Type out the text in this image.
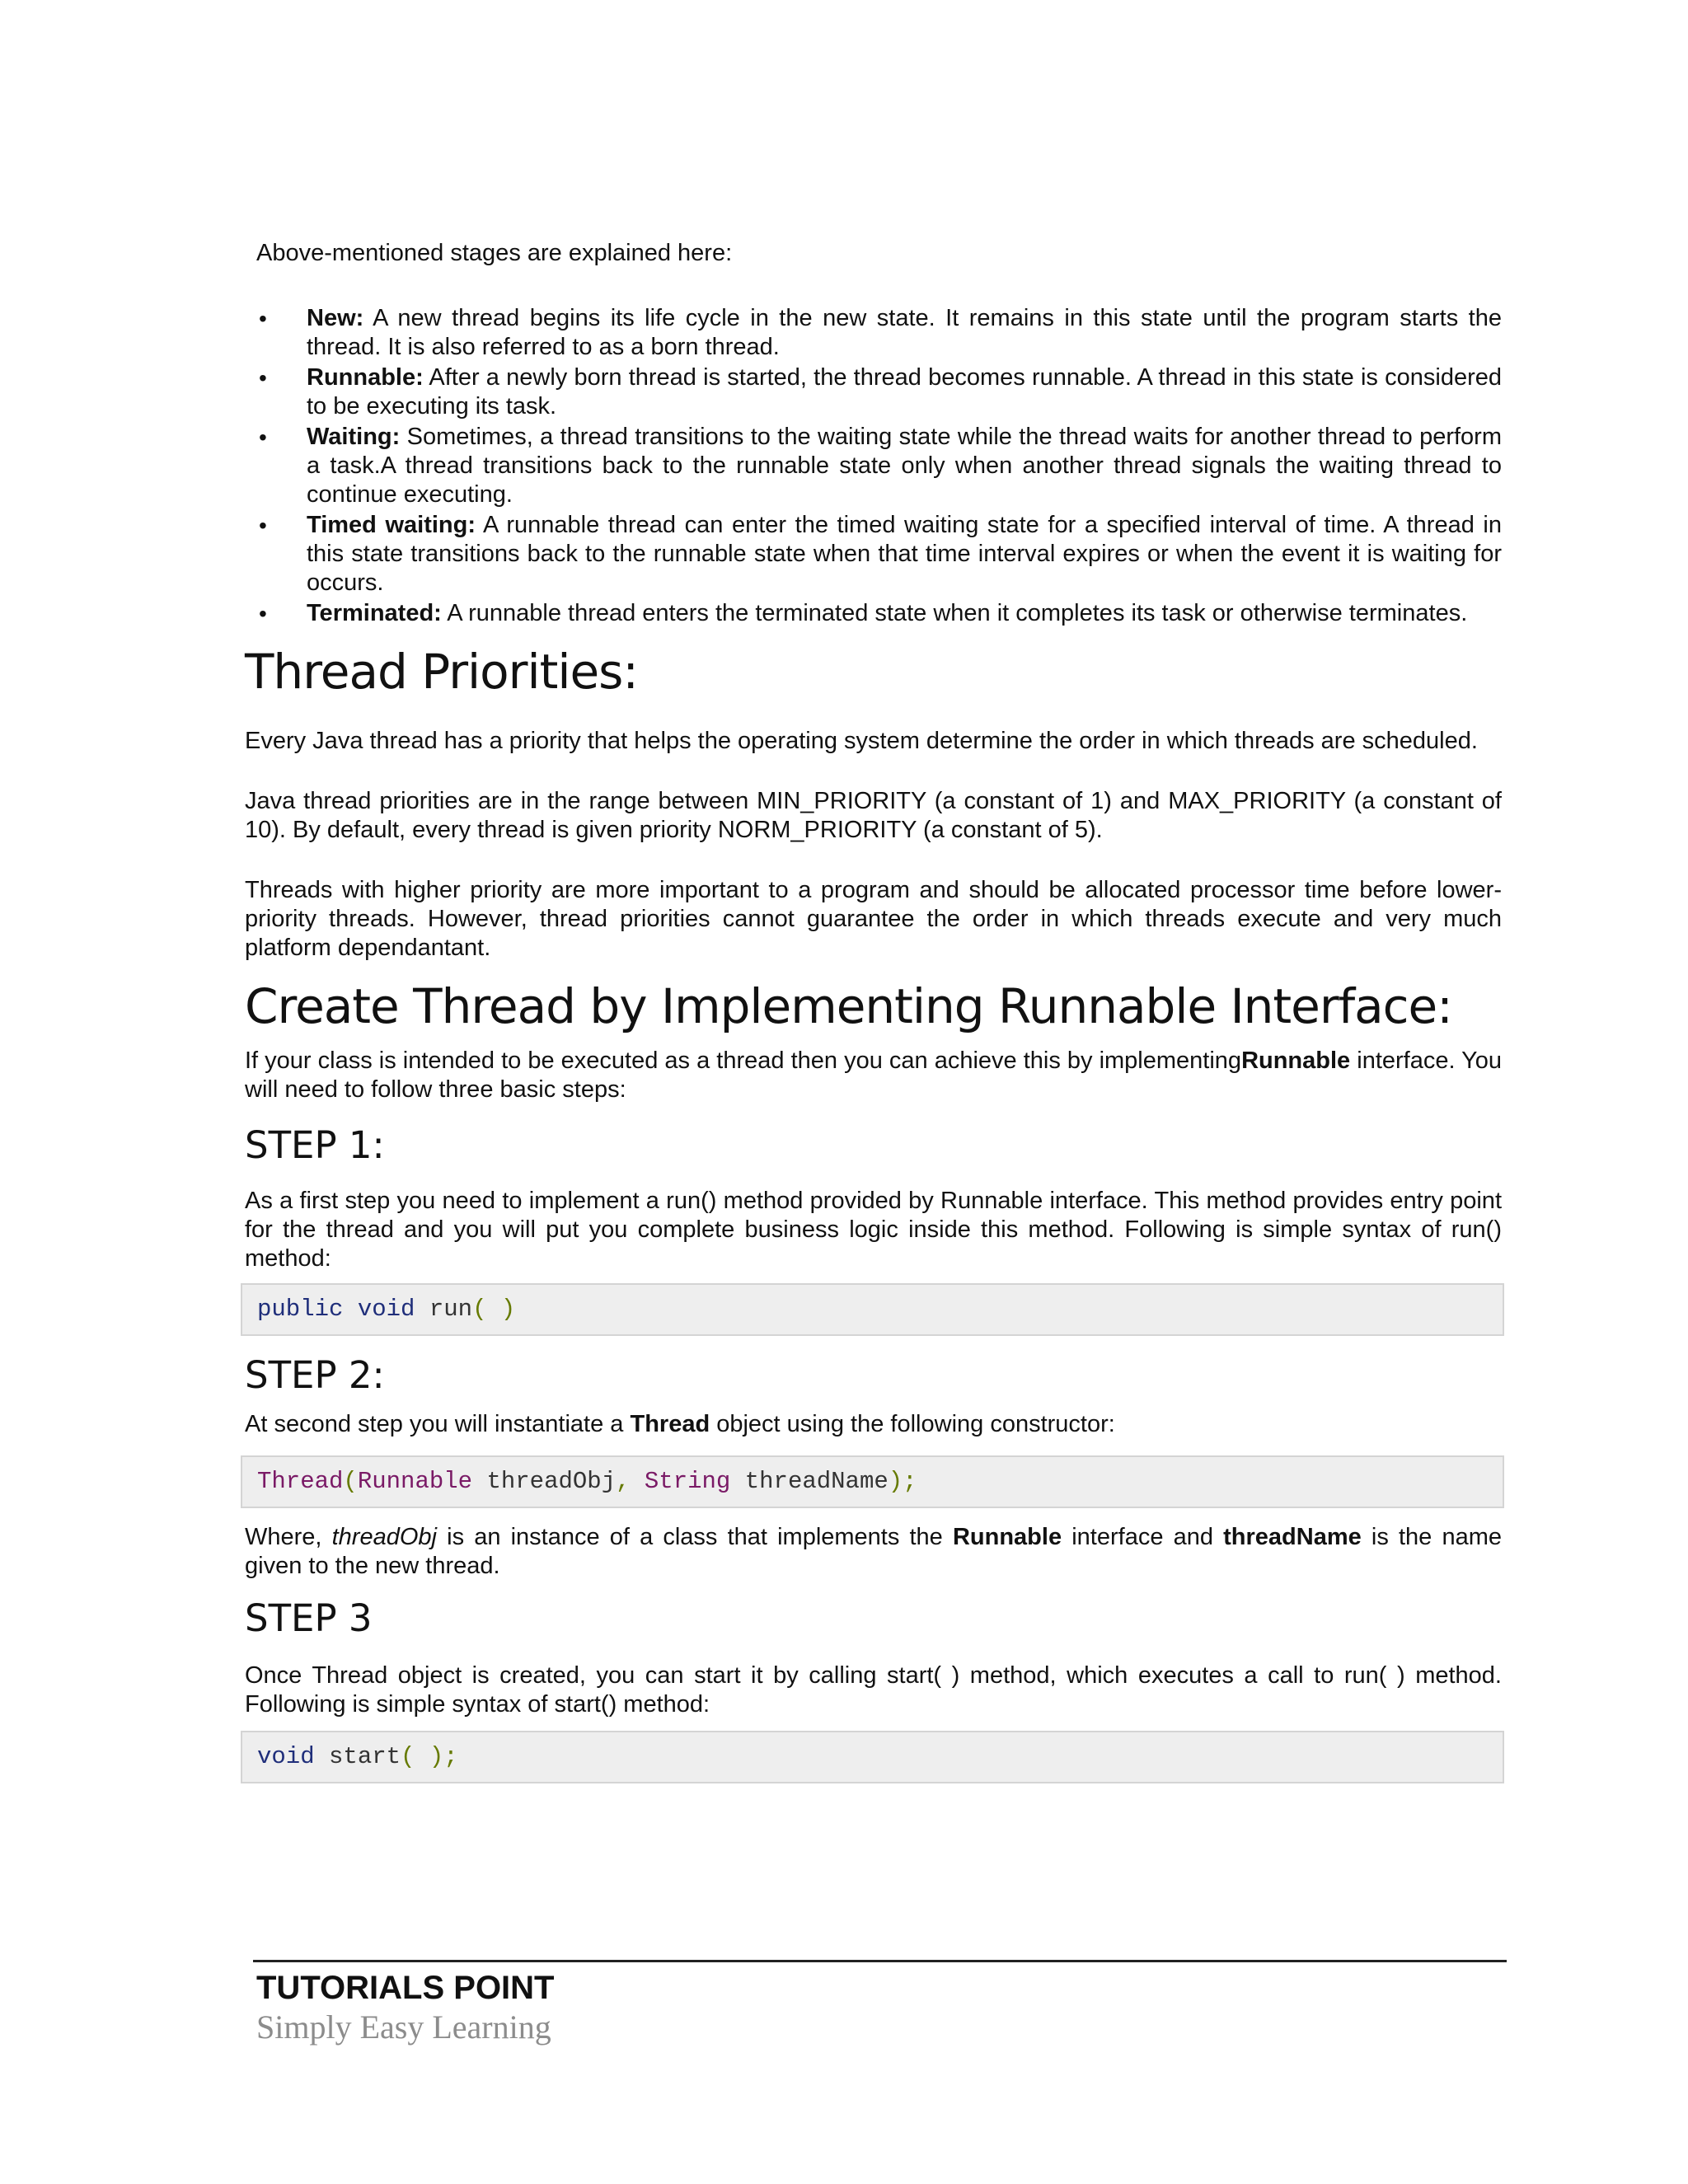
Above-mentioned stages are explained here:

• New: A new thread begins its life cycle in the new state. It remains in this state until the program starts the thread. It is also referred to as a born thread.
• Runnable: After a newly born thread is started, the thread becomes runnable. A thread in this state is considered to be executing its task.
• Waiting: Sometimes, a thread transitions to the waiting state while the thread waits for another thread to perform a task.A thread transitions back to the runnable state only when another thread signals the waiting thread to continue executing.
• Timed waiting: A runnable thread can enter the timed waiting state for a specified interval of time. A thread in this state transitions back to the runnable state when that time interval expires or when the event it is waiting for occurs.
• Terminated: A runnable thread enters the terminated state when it completes its task or otherwise terminates.
Thread Priorities:

Every Java thread has a priority that helps the operating system determine the order in which threads are scheduled.

Java thread priorities are in the range between MIN_PRIORITY (a constant of 1) and MAX_PRIORITY (a constant of 10). By default, every thread is given priority NORM_PRIORITY (a constant of 5).

Threads with higher priority are more important to a program and should be allocated processor time before lower-priority threads. However, thread priorities cannot guarantee the order in which threads execute and very much platform dependantant.

Create Thread by Implementing Runnable Interface:

If your class is intended to be executed as a thread then you can achieve this by implementingRunnable interface. You will need to follow three basic steps:

STEP 1:

As a first step you need to implement a run() method provided by Runnable interface. This method provides entry point for the thread and you will put you complete business logic inside this method. Following is simple syntax of run() method:

public void run( )
STEP 2:

At second step you will instantiate a Thread object using the following constructor:

Thread(Runnable threadObj, String threadName);

Where, threadObj is an instance of a class that implements the Runnable interface and threadName is the name given to the new thread.

STEP 3

Once Thread object is created, you can start it by calling start( ) method, which executes a call to run( ) method. Following is simple syntax of start() method:

void start( );
TUTORIALS POINT
Simply Easy Learning
